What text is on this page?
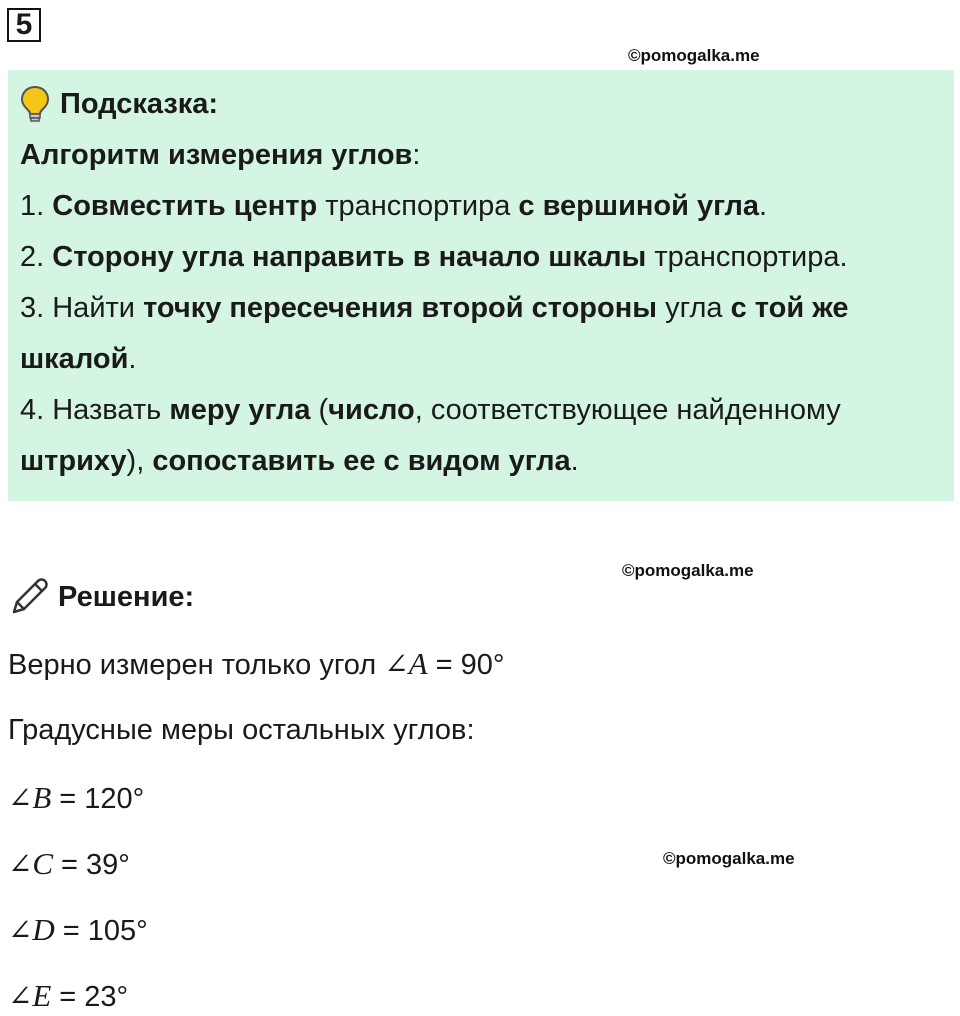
5
©pomogalka.me
Подсказка:

Алгоритм измерения углов:

1. Совместить центр транспортира с вершиной угла.

2. Сторону угла направить в начало шкалы транспортира.

3. Найти точку пересечения второй стороны угла с той же

шкалой.

4. Назвать меру угла (число, соответствующее найденному

штриху), сопоставить ее с видом угла.

©pomogalka.me
Решение:
Верно измерен только угол ∠A = 90°
Градусные меры остальных углов:
∠B = 120°
∠C = 39°	©pomogalka.me
∠D = 105°
∠E = 23°
